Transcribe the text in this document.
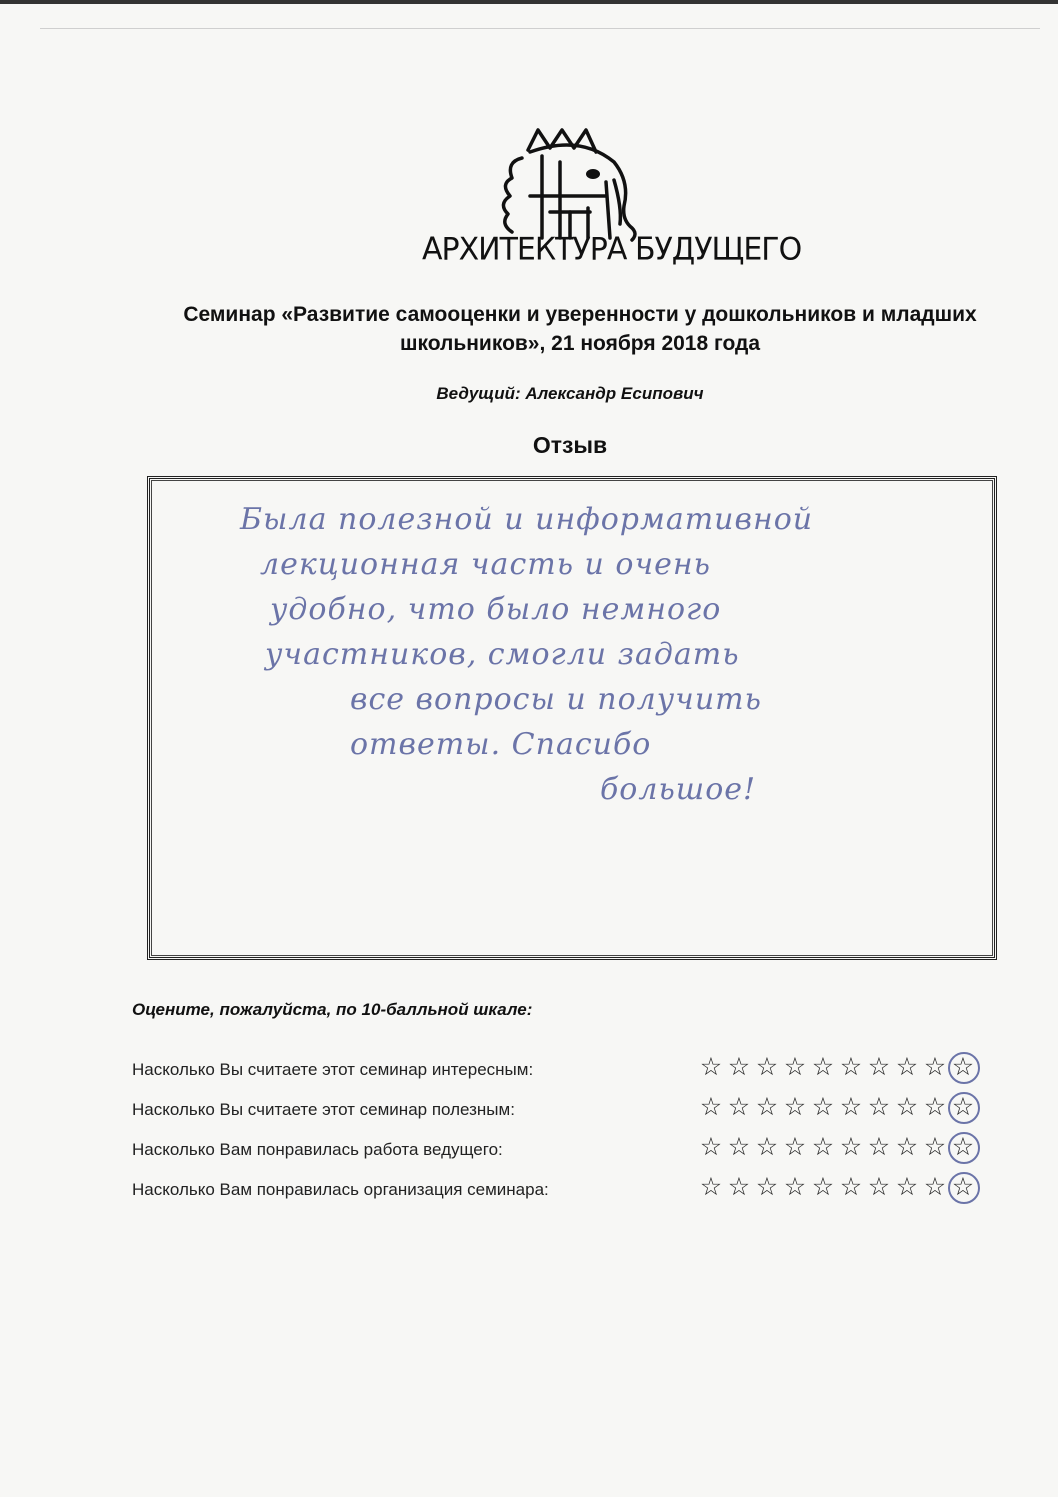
АРХИТЕКТУРА БУДУЩЕГО
Семинар «Развитие самооценки и уверенности у дошкольников и младших школьников», 21 ноября 2018 года
Ведущий: Александр Есипович
Отзыв
Была полезной и информативной
лекционная часть и очень
удобно, что было немного
участников, смогли задать
все вопросы и получить
ответы. Спасибо
большое!
Оцените, пожалуйста, по 10-балльной шкале:
Насколько Вы считаете этот семинар интересным:	☆ ☆ ☆ ☆ ☆ ☆ ☆ ☆ ☆ ☆
Насколько Вы считаете этот семинар полезным:	☆ ☆ ☆ ☆ ☆ ☆ ☆ ☆ ☆ ☆
Насколько Вам понравилась работа ведущего:	☆ ☆ ☆ ☆ ☆ ☆ ☆ ☆ ☆ ☆
Насколько Вам понравилась организация семинара:	☆ ☆ ☆ ☆ ☆ ☆ ☆ ☆ ☆ ☆
